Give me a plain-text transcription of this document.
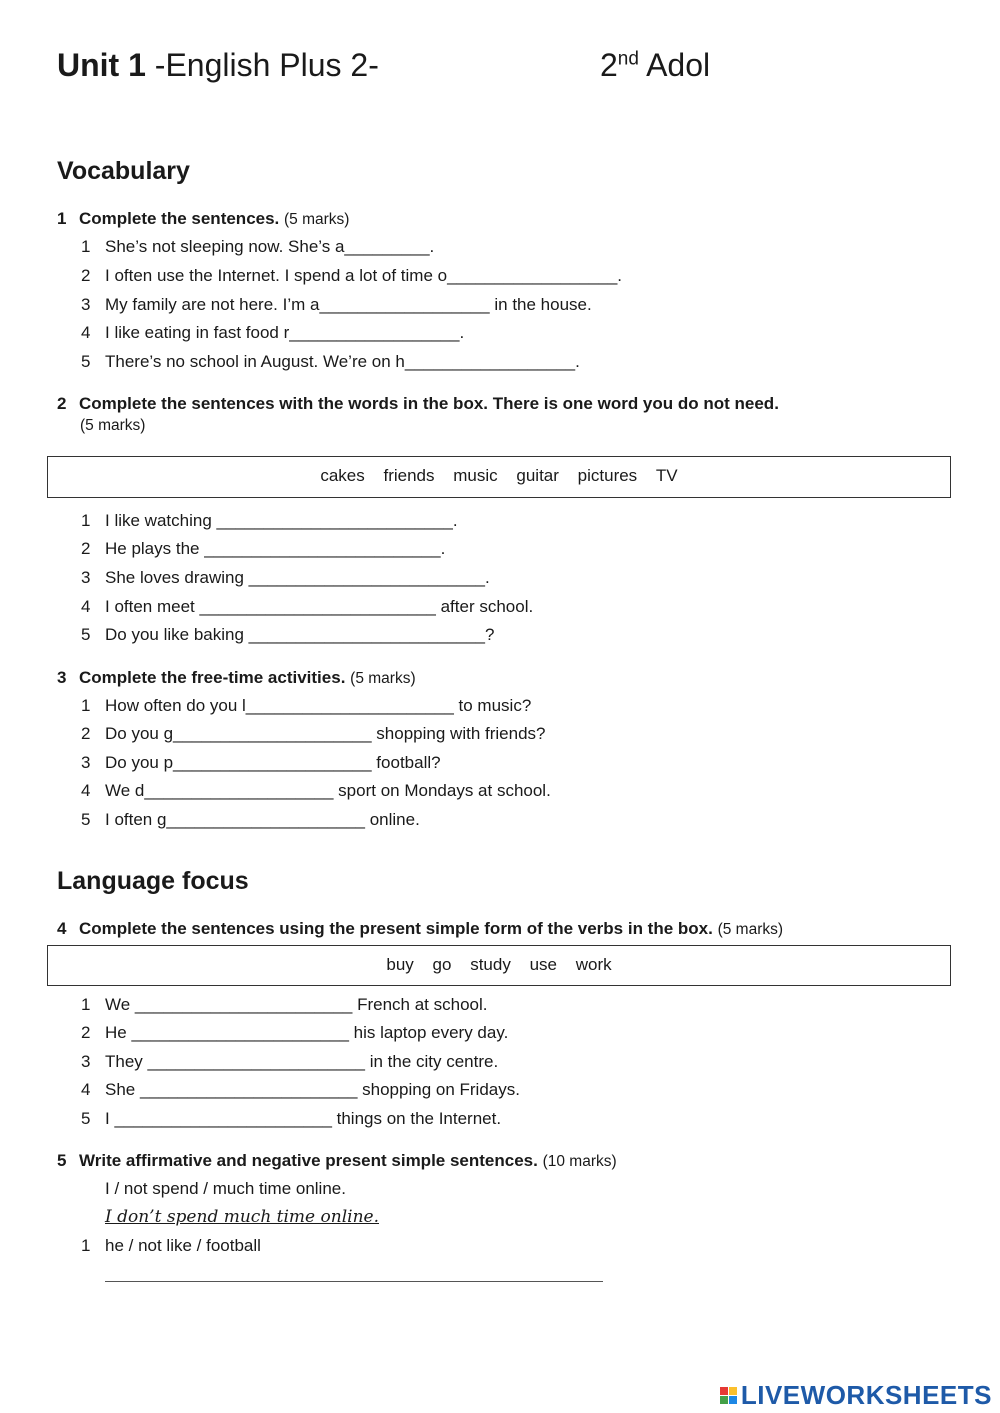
Unit 1 -English Plus 2-	2nd Adol
Vocabulary
1 Complete the sentences. (5 marks)
1 She’s not sleeping now. She’s a_________.
2 I often use the Internet. I spend a lot of time o__________________.
3 My family are not here. I’m a__________________ in the house.
4 I like eating in fast food r__________________.
5 There’s no school in August. We’re on h__________________.
2 Complete the sentences with the words in the box. There is one word you do not need.
(5 marks)
cakes friends music guitar pictures TV
1 I like watching _________________________.
2 He plays the _________________________.
3 She loves drawing _________________________.
4 I often meet _________________________ after school.
5 Do you like baking _________________________?
3 Complete the free-time activities. (5 marks)
1 How often do you l______________________ to music?
2 Do you g_____________________ shopping with friends?
3 Do you p_____________________ football?
4 We d____________________ sport on Mondays at school.
5 I often g_____________________ online.
Language focus
4 Complete the sentences using the present simple form of the verbs in the box. (5 marks)
buy go study use work
1 We _______________________ French at school.
2 He _______________________ his laptop every day.
3 They _______________________ in the city centre.
4 She _______________________ shopping on Fridays.
5 I _______________________ things on the Internet.
5 Write affirmative and negative present simple sentences. (10 marks)
I / not spend / much time online.
I don’t spend much time online.
1 he / not like / football
LIVEWORKSHEETS
